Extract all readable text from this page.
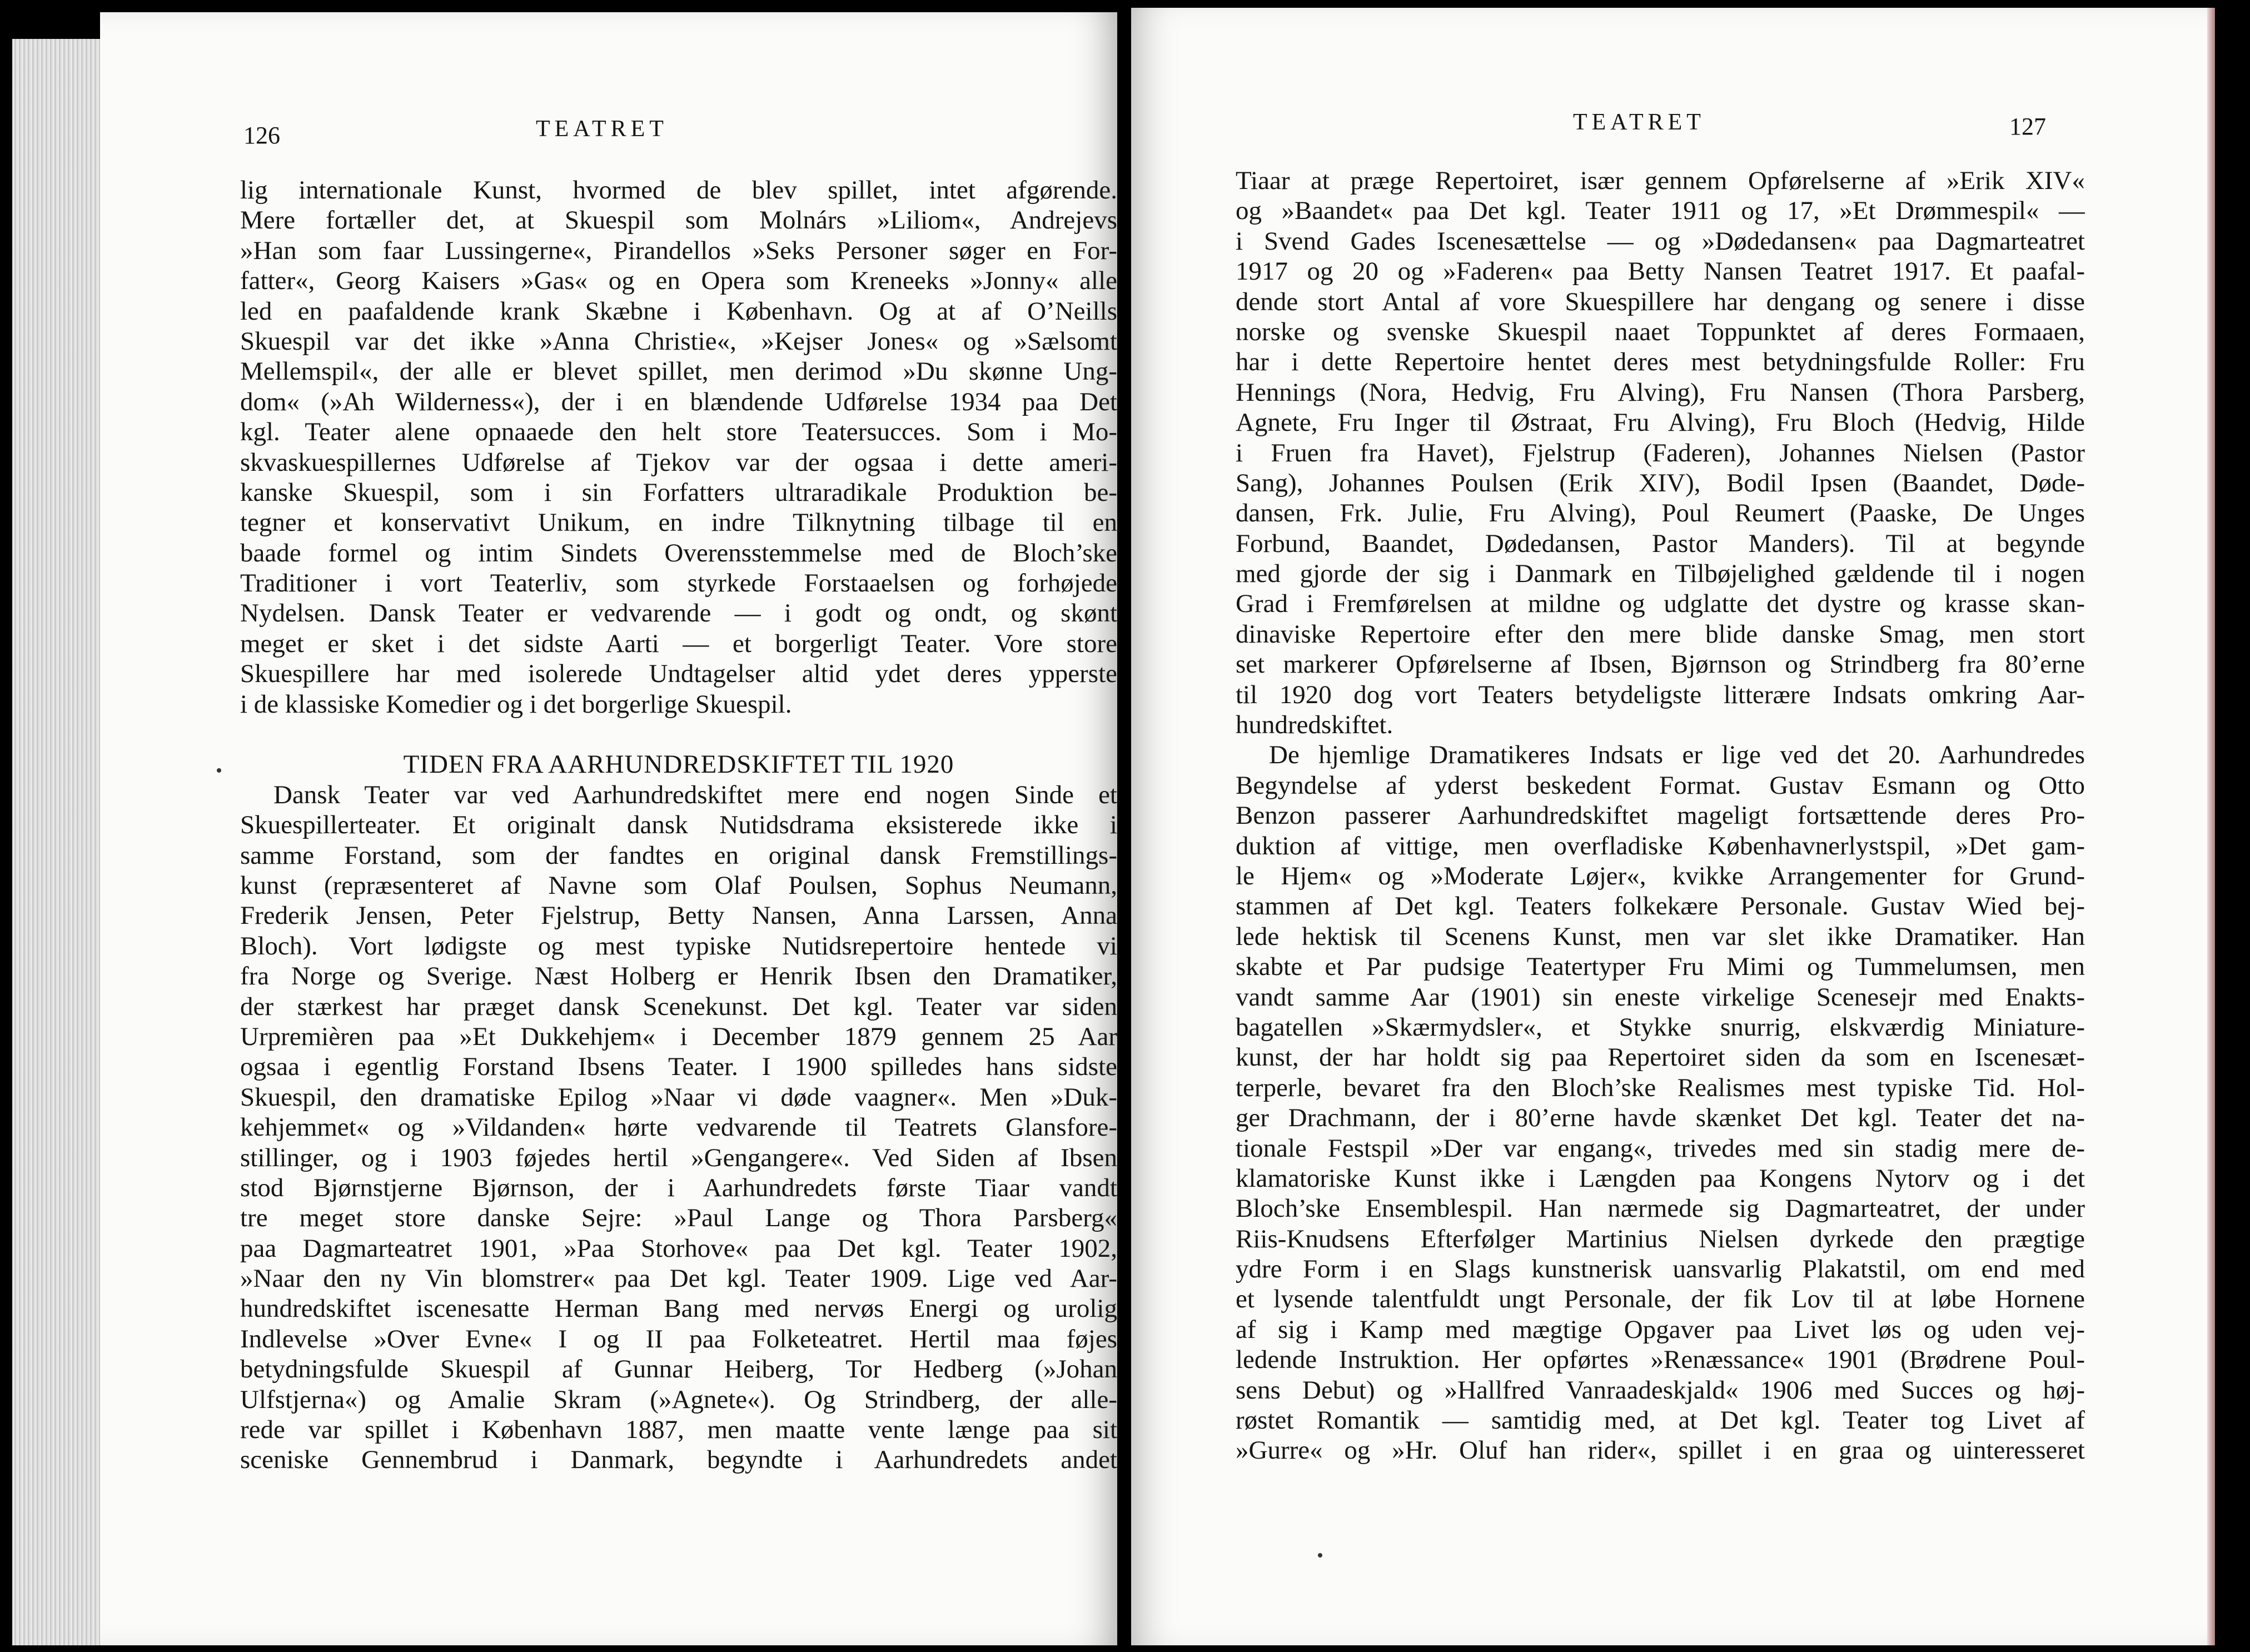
126	TEATRET
lig internationale Kunst, hvormed de blev spillet, intet afgørende.
Mere fortæller det, at Skuespil som Molnárs »Liliom«, Andrejevs
»Han som faar Lussingerne«, Pirandellos »Seks Personer søger en For-
fatter«, Georg Kaisers »Gas« og en Opera som Kreneeks »Jonny« alle
led en paafaldende krank Skæbne i København. Og at af O’Neills
Skuespil var det ikke »Anna Christie«, »Kejser Jones« og »Sælsomt
Mellemspil«, der alle er blevet spillet, men derimod »Du skønne Ung-
dom« (»Ah Wilderness«), der i en blændende Udførelse 1934 paa Det
kgl. Teater alene opnaaede den helt store Teatersucces. Som i Mo-
skvaskuespillernes Udførelse af Tjekov var der ogsaa i dette ameri-
kanske Skuespil, som i sin Forfatters ultraradikale Produktion be-
tegner et konservativt Unikum, en indre Tilknytning tilbage til en
baade formel og intim Sindets Overensstemmelse med de Bloch’ske
Traditioner i vort Teaterliv, som styrkede Forstaaelsen og forhøjede
Nydelsen. Dansk Teater er vedvarende — i godt og ondt, og skønt
meget er sket i det sidste Aarti — et borgerligt Teater. Vore store
Skuespillere har med isolerede Undtagelser altid ydet deres ypperste
i de klassiske Komedier og i det borgerlige Skuespil.
TIDEN FRA AARHUNDREDSKIFTET TIL 1920
Dansk Teater var ved Aarhundredskiftet mere end nogen Sinde et
Skuespillerteater. Et originalt dansk Nutidsdrama eksisterede ikke i
samme Forstand, som der fandtes en original dansk Fremstillings-
kunst (repræsenteret af Navne som Olaf Poulsen, Sophus Neumann,
Frederik Jensen, Peter Fjelstrup, Betty Nansen, Anna Larssen, Anna
Bloch). Vort lødigste og mest typiske Nutidsrepertoire hentede vi
fra Norge og Sverige. Næst Holberg er Henrik Ibsen den Dramatiker,
der stærkest har præget dansk Scenekunst. Det kgl. Teater var siden
Urpremièren paa »Et Dukkehjem« i December 1879 gennem 25 Aar
ogsaa i egentlig Forstand Ibsens Teater. I 1900 spilledes hans sidste
Skuespil, den dramatiske Epilog »Naar vi døde vaagner«. Men »Duk-
kehjemmet« og »Vildanden« hørte vedvarende til Teatrets Glansfore-
stillinger, og i 1903 føjedes hertil »Gengangere«. Ved Siden af Ibsen
stod Bjørnstjerne Bjørnson, der i Aarhundredets første Tiaar vandt
tre meget store danske Sejre: »Paul Lange og Thora Parsberg«
paa Dagmarteatret 1901, »Paa Storhove« paa Det kgl. Teater 1902,
»Naar den ny Vin blomstrer« paa Det kgl. Teater 1909. Lige ved Aar-
hundredskiftet iscenesatte Herman Bang med nervøs Energi og urolig
Indlevelse »Over Evne« I og II paa Folketeatret. Hertil maa føjes
betydningsfulde Skuespil af Gunnar Heiberg, Tor Hedberg (»Johan
Ulfstjerna«) og Amalie Skram (»Agnete«). Og Strindberg, der alle-
rede var spillet i København 1887, men maatte vente længe paa sit
sceniske Gennembrud i Danmark, begyndte i Aarhundredets andet
TEATRET	127
Tiaar at præge Repertoiret, især gennem Opførelserne af »Erik XIV«
og »Baandet« paa Det kgl. Teater 1911 og 17, »Et Drømmespil« —
i Svend Gades Iscenesættelse — og »Dødedansen« paa Dagmarteatret
1917 og 20 og »Faderen« paa Betty Nansen Teatret 1917. Et paafal-
dende stort Antal af vore Skuespillere har dengang og senere i disse
norske og svenske Skuespil naaet Toppunktet af deres Formaaen,
har i dette Repertoire hentet deres mest betydningsfulde Roller: Fru
Hennings (Nora, Hedvig, Fru Alving), Fru Nansen (Thora Parsberg,
Agnete, Fru Inger til Østraat, Fru Alving), Fru Bloch (Hedvig, Hilde
i Fruen fra Havet), Fjelstrup (Faderen), Johannes Nielsen (Pastor
Sang), Johannes Poulsen (Erik XIV), Bodil Ipsen (Baandet, Døde-
dansen, Frk. Julie, Fru Alving), Poul Reumert (Paaske, De Unges
Forbund, Baandet, Dødedansen, Pastor Manders). Til at begynde
med gjorde der sig i Danmark en Tilbøjelighed gældende til i nogen
Grad i Fremførelsen at mildne og udglatte det dystre og krasse skan-
dinaviske Repertoire efter den mere blide danske Smag, men stort
set markerer Opførelserne af Ibsen, Bjørnson og Strindberg fra 80’erne
til 1920 dog vort Teaters betydeligste litterære Indsats omkring Aar-
hundredskiftet.
De hjemlige Dramatikeres Indsats er lige ved det 20. Aarhundredes
Begyndelse af yderst beskedent Format. Gustav Esmann og Otto
Benzon passerer Aarhundredskiftet mageligt fortsættende deres Pro-
duktion af vittige, men overfladiske Københavnerlystspil, »Det gam-
le Hjem« og »Moderate Løjer«, kvikke Arrangementer for Grund-
stammen af Det kgl. Teaters folkekære Personale. Gustav Wied bej-
lede hektisk til Scenens Kunst, men var slet ikke Dramatiker. Han
skabte et Par pudsige Teatertyper Fru Mimi og Tummelumsen, men
vandt samme Aar (1901) sin eneste virkelige Scenesejr med Enakts-
bagatellen »Skærmydsler«, et Stykke snurrig, elskværdig Miniature-
kunst, der har holdt sig paa Repertoiret siden da som en Iscenesæt-
terperle, bevaret fra den Bloch’ske Realismes mest typiske Tid. Hol-
ger Drachmann, der i 80’erne havde skænket Det kgl. Teater det na-
tionale Festspil »Der var engang«, trivedes med sin stadig mere de-
klamatoriske Kunst ikke i Længden paa Kongens Nytorv og i det
Bloch’ske Ensemblespil. Han nærmede sig Dagmarteatret, der under
Riis-Knudsens Efterfølger Martinius Nielsen dyrkede den prægtige
ydre Form i en Slags kunstnerisk uansvarlig Plakatstil, om end med
et lysende talentfuldt ungt Personale, der fik Lov til at løbe Hornene
af sig i Kamp med mægtige Opgaver paa Livet løs og uden vej-
ledende Instruktion. Her opførtes »Renæssance« 1901 (Brødrene Poul-
sens Debut) og »Hallfred Vanraadeskjald« 1906 med Succes og høj-
røstet Romantik — samtidig med, at Det kgl. Teater tog Livet af
»Gurre« og »Hr. Oluf han rider«, spillet i en graa og uinteresseret
